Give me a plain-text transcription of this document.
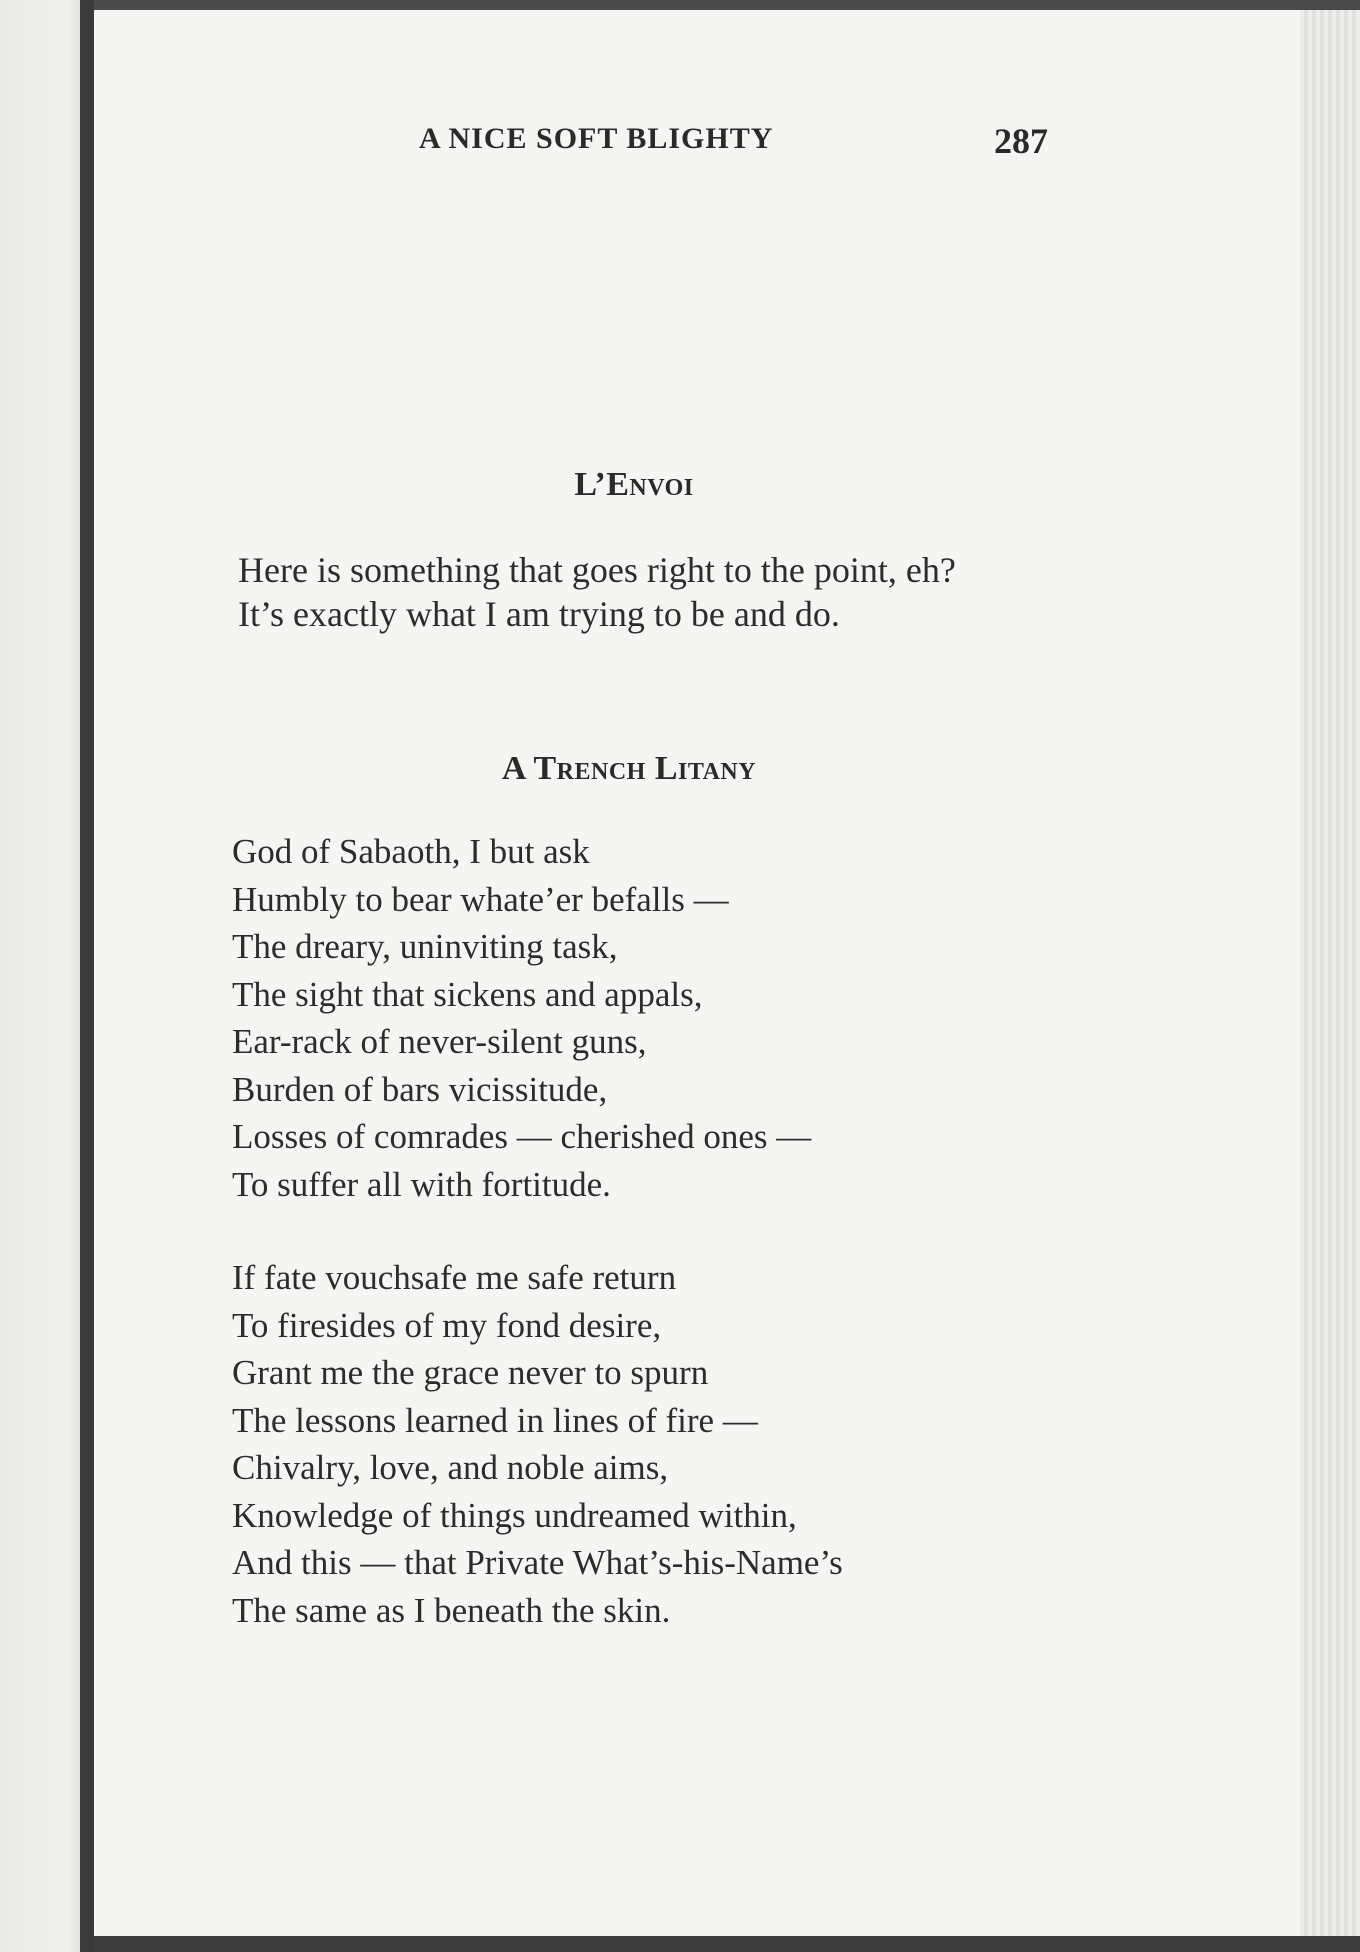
A NICE SOFT BLIGHTY	287
L’Envoi

Here is something that goes right to the point, eh?

It’s exactly what I am trying to be and do.

A Trench Litany
God of Sabaoth, I but ask
Humbly to bear whate’er befalls —
The dreary, uninviting task,
The sight that sickens and appals,
Ear-rack of never-silent guns,
Burden of bars vicissitude,
Losses of comrades — cherished ones —
To suffer all with fortitude.
If fate vouchsafe me safe return
To firesides of my fond desire,
Grant me the grace never to spurn
The lessons learned in lines of fire —
Chivalry, love, and noble aims,
Knowledge of things undreamed within,
And this — that Private What’s-his-Name’s
The same as I beneath the skin.
